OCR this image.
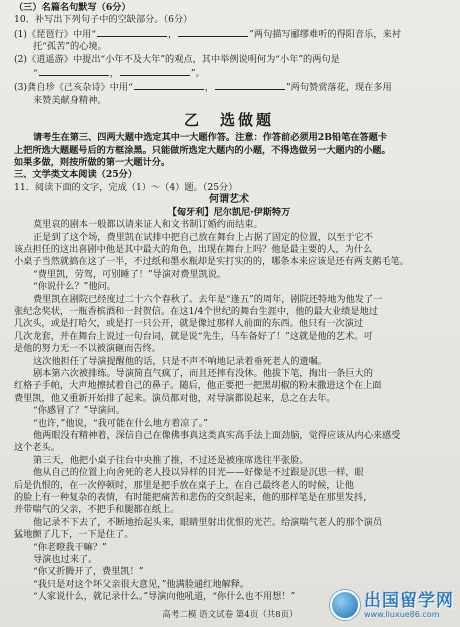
（三）名篇名句默写（6分）
10．补写出下列句子中的空缺部分。（6分）
(1)《琵琶行》中用“	，	”两句描写郦缪难听的得阳音乐，来衬
托“孤苦”的心境。
(2)《逍遥游》中提出“小年不及大年”的观点，其中举例说明何为“小年”的两句是
“	，	”。
(3)龚自珍《己亥杂诗》中用“	，	”两句赞赏落花，现在多用
来赞美献身精神。
乙　选做题
请考生在第三、四两大题中选定其中一大题作答。注意：作答前必须用2B铅笔在答题卡
上把所选大题题号后的方框涂黑。只能做所选定大题内的小题，不得选做另一大题内的小题。
如果多做，则按所做的第一大题计分。
三、文学类文本阅读（25分）
11．阅读下面的文字，完成（1）～（4）题。（25分）
何谓艺术
【匈牙利】尼尔凯尼·伊斯特万
莫里哀的剧本一般都以请来证人和文书制订婚约而结束。
正是到了这个场，费里凯在试排中把自己放在舞台上占据了固定的位置，以至于它不
该点担任的这出喜剧中他是其中最大的角色，出现在舞台上吗？他是最主要的人，为什么
小桌子当然就搞在这了一半，不过纸和墨水瓶却是实打实的的，哪条本来应该是还有两支鹅毛笔。
“费里凯，劳驾，可别睡了！”导演对费里凯说。
“你说什么？”他问。
费里凯在剧院已经度过二十六个春秋了。去年是“逢五”的周年，剧院还特地为他发了一
张纪念奖状，一瓶香槟酒和一封贺信。在这1/4个世纪的舞台生涯中，他的最大业绩是地过
几次头，或是打哈欠，或是打一只公开，就是像过那样人前面的东西。他只有一次演过
几次龙套，并在舞台上说过一句台词，就是说“先生，马车备好了！”这就是他的艺术。可
是他的努力无一不以被演砸而告终。
这次他担任了导演提醒他的话，只是不声不响地记录着垂死老人的遗嘱。
剧本第六次被排练。导演简直气疯了，而且还摔有没休。他拔下笔，掏出一条巨大的
红格子手帕，大声地擦拭着自己的鼻子。随后，他正要把一把黑胡椒的粉末撒进这个在上面
费里凯，他又重新开始排了起来。演员都对他，对导演都说起来，总之在去年。
“你感冒了？”导演问。
“也许，”他说，“我可能在什么地方着凉了。”
他两眼没有精神着，深信自己在像佛事真这类真实高手法上面劲脑，觉得应该从内心来感受
这个老头。
第三天，他把小桌子往台中央推了推，不过还是被座席选往半张脸。
他从自己的位置上向舍死的老人投以异样的目光——好像是不过跟是沉思一样，眼
后是仇恨的，在一次停顿时，那里是把手放在桌子上，在自己最终老人的时候，让他
的脸上有一种复杂的表情，有时能把痛苦和悲伤的交织起来，他的那样笔是在那里发抖，
并带喘气的父亲，不把手和腿都在纸上。
他记录不下去了，不断地抬起头来，眼睛里射出优恨的光芒。给演喘气老人的那个演员
猛地颤了几下，一下是住了。
“你老瞪我干嘛？”
导演也过来了。
“你又折腾开了，费里凯！”
“我只是对这个坏父亲很大意见，”他满脸通红地解释。
“人家说什么，就记录什么。”导演向他吼道，“你什么也不用想！”
高考二模 语文试卷 第4页（共8页）
出国留学网
www.liuxue86.com
